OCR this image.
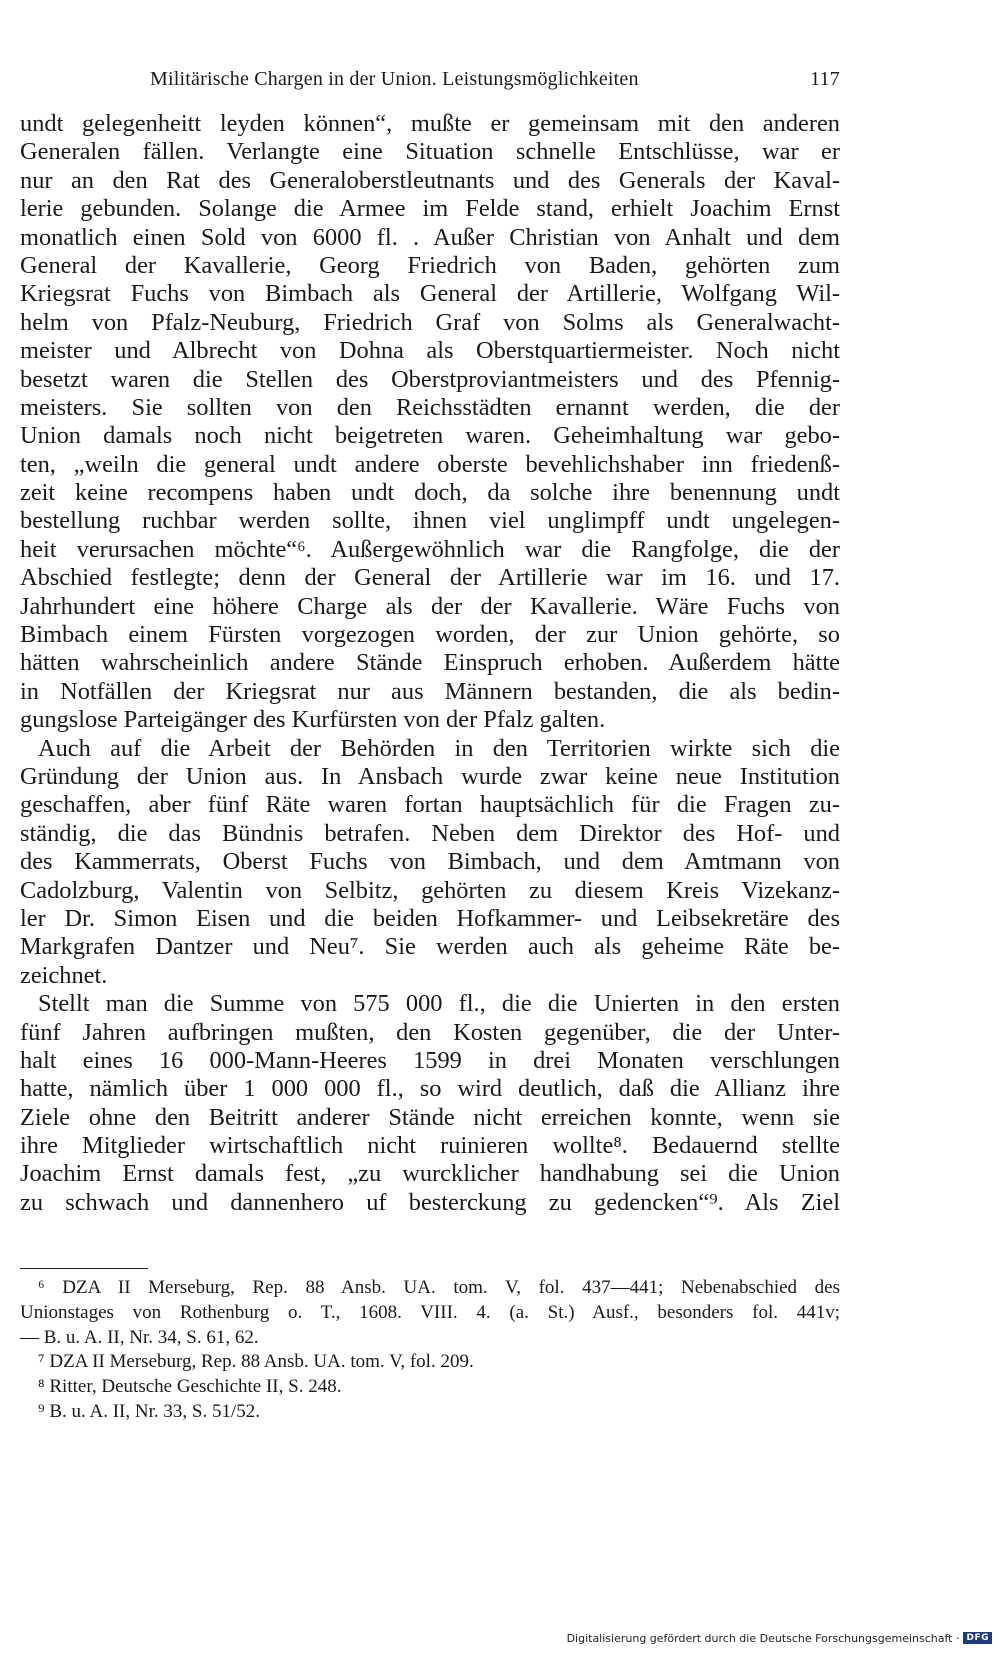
Militärische Chargen in der Union. Leistungsmöglichkeiten	117
undt gelegenheitt leyden können“, mußte er gemeinsam mit den anderen
Generalen fällen. Verlangte eine Situation schnelle Entschlüsse, war er
nur an den Rat des Generaloberstleutnants und des Generals der Kaval-
lerie gebunden. Solange die Armee im Felde stand, erhielt Joachim Ernst
monatlich einen Sold von 6000 fl. . Außer Christian von Anhalt und dem
General der Kavallerie, Georg Friedrich von Baden, gehörten zum
Kriegsrat Fuchs von Bimbach als General der Artillerie, Wolfgang Wil-
helm von Pfalz-Neuburg, Friedrich Graf von Solms als Generalwacht-
meister und Albrecht von Dohna als Oberstquartiermeister. Noch nicht
besetzt waren die Stellen des Oberstproviantmeisters und des Pfennig-
meisters. Sie sollten von den Reichsstädten ernannt werden, die der
Union damals noch nicht beigetreten waren. Geheimhaltung war gebo-
ten, „weiln die general undt andere oberste bevehlichshaber inn friedenß-
zeit keine recompens haben undt doch, da solche ihre benennung undt
bestellung ruchbar werden sollte, ihnen viel unglimpff undt ungelegen-
heit verursachen möchte“⁶. Außergewöhnlich war die Rangfolge, die der
Abschied festlegte; denn der General der Artillerie war im 16. und 17.
Jahrhundert eine höhere Charge als der der Kavallerie. Wäre Fuchs von
Bimbach einem Fürsten vorgezogen worden, der zur Union gehörte, so
hätten wahrscheinlich andere Stände Einspruch erhoben. Außerdem hätte
in Notfällen der Kriegsrat nur aus Männern bestanden, die als bedin-
gungslose Parteigänger des Kurfürsten von der Pfalz galten.
Auch auf die Arbeit der Behörden in den Territorien wirkte sich die
Gründung der Union aus. In Ansbach wurde zwar keine neue Institution
geschaffen, aber fünf Räte waren fortan hauptsächlich für die Fragen zu-
ständig, die das Bündnis betrafen. Neben dem Direktor des Hof- und
des Kammerrats, Oberst Fuchs von Bimbach, und dem Amtmann von
Cadolzburg, Valentin von Selbitz, gehörten zu diesem Kreis Vizekanz-
ler Dr. Simon Eisen und die beiden Hofkammer- und Leibsekretäre des
Markgrafen Dantzer und Neu⁷. Sie werden auch als geheime Räte be-
zeichnet.
Stellt man die Summe von 575 000 fl., die die Unierten in den ersten
fünf Jahren aufbringen mußten, den Kosten gegenüber, die der Unter-
halt eines 16 000-Mann-Heeres 1599 in drei Monaten verschlungen
hatte, nämlich über 1 000 000 fl., so wird deutlich, daß die Allianz ihre
Ziele ohne den Beitritt anderer Stände nicht erreichen konnte, wenn sie
ihre Mitglieder wirtschaftlich nicht ruinieren wollte⁸. Bedauernd stellte
Joachim Ernst damals fest, „zu wurcklicher handhabung sei die Union
zu schwach und dannenhero uf besterckung zu gedencken“⁹. Als Ziel
⁶ DZA II Merseburg, Rep. 88 Ansb. UA. tom. V, fol. 437—441; Nebenabschied des
Unionstages von Rothenburg o. T., 1608. VIII. 4. (a. St.) Ausf., besonders fol. 441v;
— B. u. A. II, Nr. 34, S. 61, 62.
⁷ DZA II Merseburg, Rep. 88 Ansb. UA. tom. V, fol. 209.
⁸ Ritter, Deutsche Geschichte II, S. 248.
⁹ B. u. A. II, Nr. 33, S. 51/52.
Digitalisierung gefördert durch die Deutsche Forschungsgemeinschaft · DFG
